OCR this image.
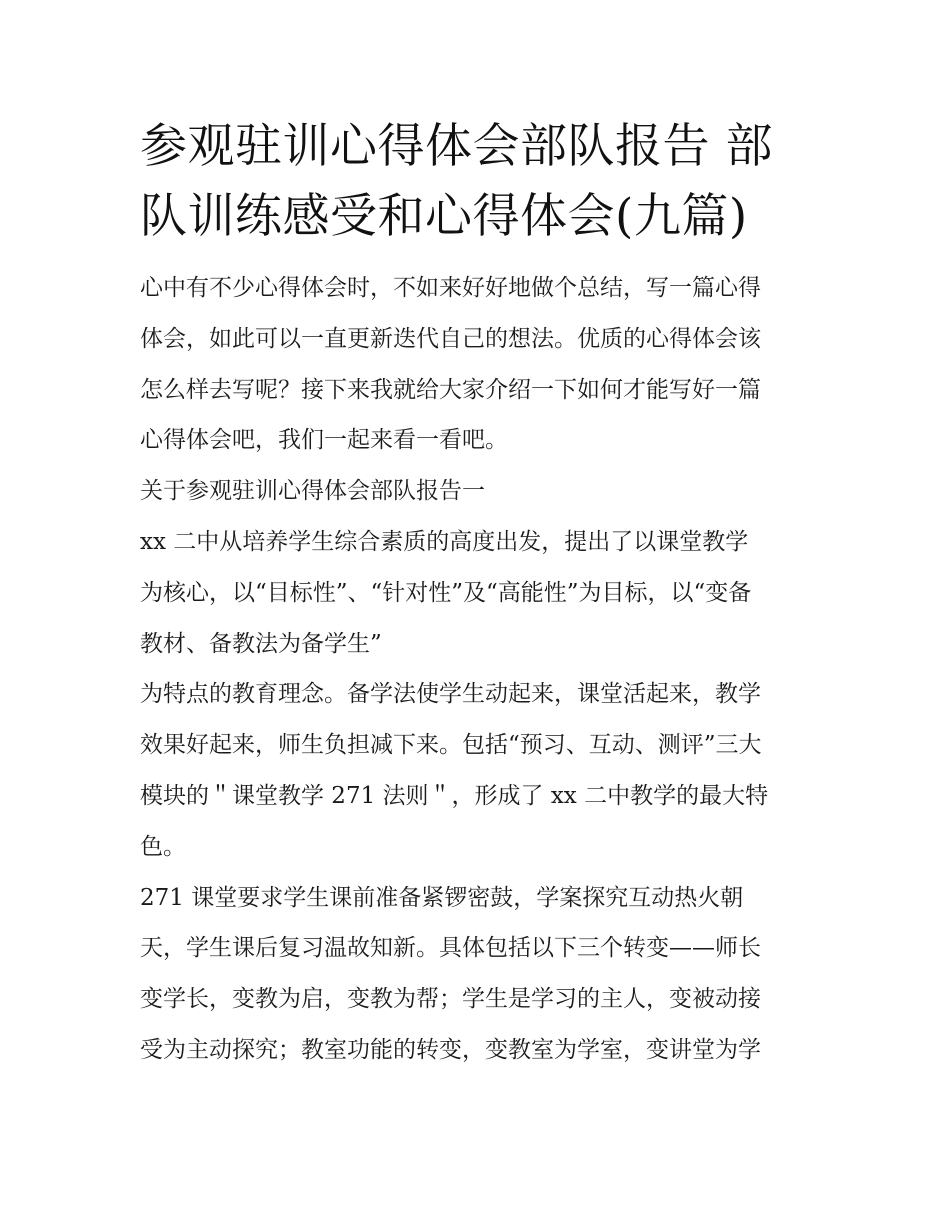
参观驻训心得体会部队报告 部
队训练感受和心得体会(九篇)
心中有不少心得体会时，不如来好好地做个总结，写一篇心得
体会，如此可以一直更新迭代自己的想法。优质的心得体会该
怎么样去写呢？接下来我就给大家介绍一下如何才能写好一篇
心得体会吧，我们一起来看一看吧。
关于参观驻训心得体会部队报告一
xx 二中从培养学生综合素质的高度出发，提出了以课堂教学
为核心，以“目标性”、“针对性”及“高能性”为目标，以“变备
教材、备教法为备学生”
为特点的教育理念。备学法使学生动起来，课堂活起来，教学
效果好起来，师生负担减下来。包括“预习、互动、测评”三大
模块的＂课堂教学 271 法则＂，形成了 xx 二中教学的最大特
色。
271 课堂要求学生课前准备紧锣密鼓，学案探究互动热火朝
天，学生课后复习温故知新。具体包括以下三个转变——师长
变学长，变教为启，变教为帮；学生是学习的主人，变被动接
受为主动探究；教室功能的转变，变教室为学室，变讲堂为学
